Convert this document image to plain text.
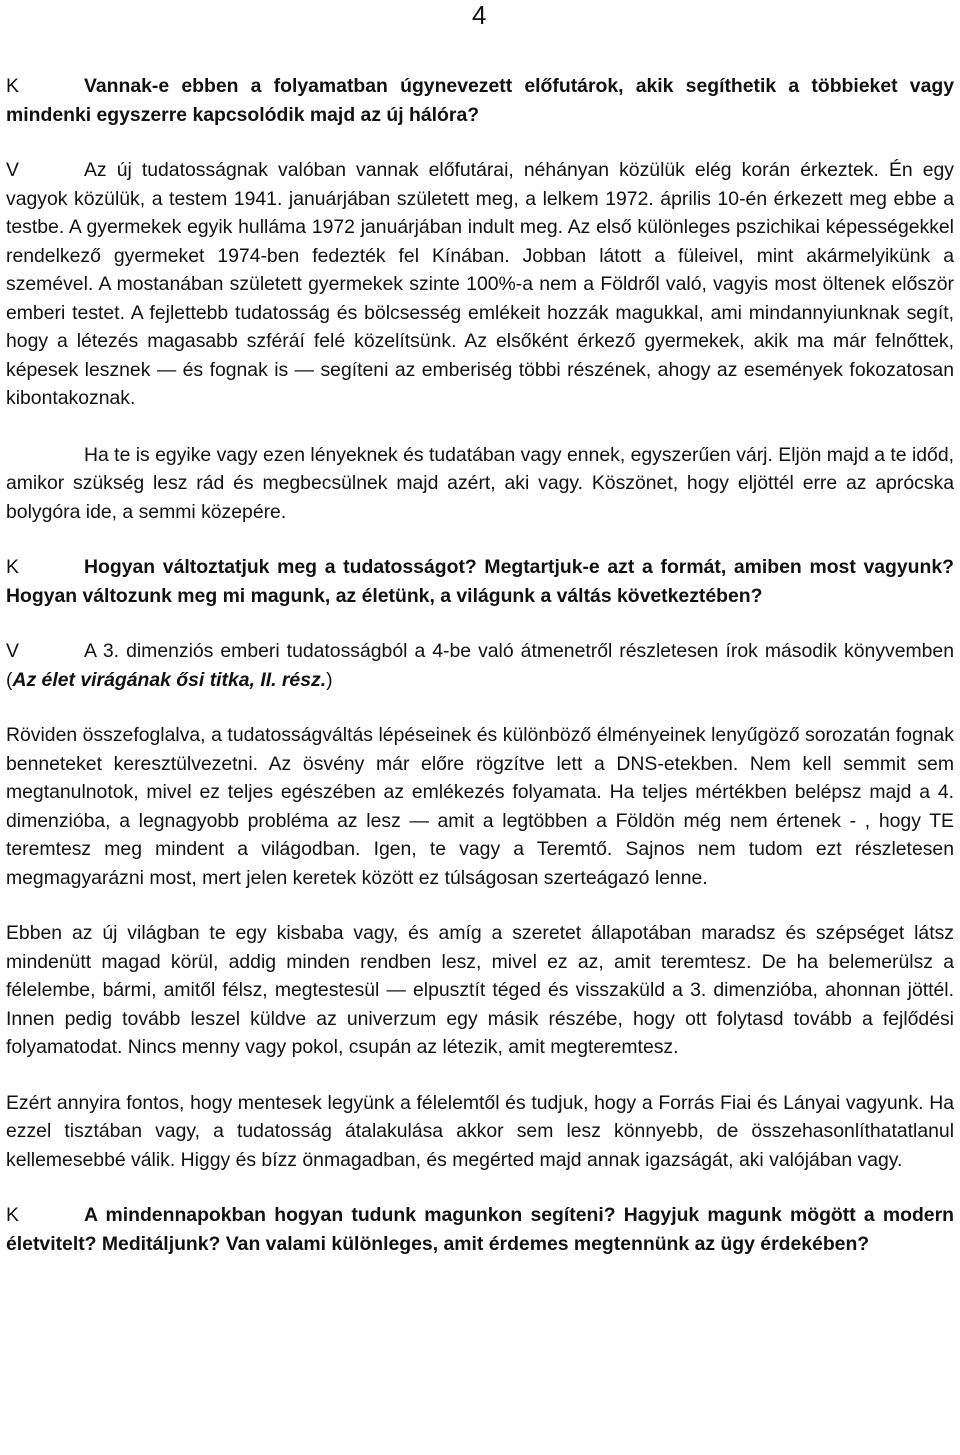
4

K	Vannak-e ebben a folyamatban úgynevezett előfutárok, akik segíthetik a többieket vagy mindenki egyszerre kapcsolódik majd az új hálóra?

V	Az új tudatosságnak valóban vannak előfutárai, néhányan közülük elég korán érkeztek. Én egy vagyok közülük, a testem 1941. januárjában született meg, a lelkem 1972. április 10-én érkezett meg ebbe a testbe. A gyermekek egyik hulláma 1972 januárjában indult meg. Az első különleges pszichikai képességekkel rendelkező gyermeket 1974-ben fedezték fel Kínában. Jobban látott a füleivel, mint akármelyikünk a szemével. A mostanában született gyermekek szinte 100%-a nem a Földről való, vagyis most öltenek először emberi testet. A fejlettebb tudatosság és bölcsesség emlékeit hozzák magukkal, ami mindannyiunknak segít, hogy a létezés magasabb szféráí felé közelítsünk. Az elsőként érkező gyermekek, akik ma már felnőttek, képesek lesznek — és fognak is — segíteni az emberiség többi részének, ahogy az események fokozatosan kibontakoznak.

Ha te is egyike vagy ezen lényeknek és tudatában vagy ennek, egyszerűen várj. Eljön majd a te időd, amikor szükség lesz rád és megbecsülnek majd azért, aki vagy. Köszönet, hogy eljöttél erre az aprócska bolygóra ide, a semmi közepére.

K	Hogyan változtatjuk meg a tudatosságot? Megtartjuk-e azt a formát, amiben most vagyunk? Hogyan változunk meg mi magunk, az életünk, a világunk a váltás következtében?

V	A 3. dimenziós emberi tudatosságból a 4-be való átmenetről részletesen írok második könyvemben (Az élet virágának ősi titka, II. rész.)

Röviden összefoglalva, a tudatosságváltás lépéseinek és különböző élményeinek lenyűgöző sorozatán fognak benneteket keresztülvezetni. Az ösvény már előre rögzítve lett a DNS-etekben. Nem kell semmit sem megtanulnotok, mivel ez teljes egészében az emlékezés folyamata. Ha teljes mértékben belépsz majd a 4. dimenzióba, a legnagyobb probléma az lesz — amit a legtöbben a Földön még nem értenek - , hogy TE teremtesz meg mindent a világodban. Igen, te vagy a Teremtő. Sajnos nem tudom ezt részletesen megmagyarázni most, mert jelen keretek között ez túlságosan szerteágazó lenne.

Ebben az új világban te egy kisbaba vagy, és amíg a szeretet állapotában maradsz és szépséget látsz mindenütt magad körül, addig minden rendben lesz, mivel ez az, amit teremtesz. De ha belemerülsz a félelembe, bármi, amitől félsz, megtestesül — elpusztít téged és visszaküld a 3. dimenzióba, ahonnan jöttél. Innen pedig tovább leszel küldve az univerzum egy másik részébe, hogy ott folytasd tovább a fejlődési folyamatodat. Nincs menny vagy pokol, csupán az létezik, amit megteremtesz.

Ezért annyira fontos, hogy mentesek legyünk a félelemtől és tudjuk, hogy a Forrás Fiai és Lányai vagyunk. Ha ezzel tisztában vagy, a tudatosság átalakulása akkor sem lesz könnyebb, de összehasonlíthatatlanul kellemesebbé válik. Higgy és bízz önmagadban, és megérted majd annak igazságát, aki valójában vagy.

K	A mindennapokban hogyan tudunk magunkon segíteni? Hagyjuk magunk mögött a modern életvitelt? Meditáljunk? Van valami különleges, amit érdemes megtennünk az ügy érdekében?
